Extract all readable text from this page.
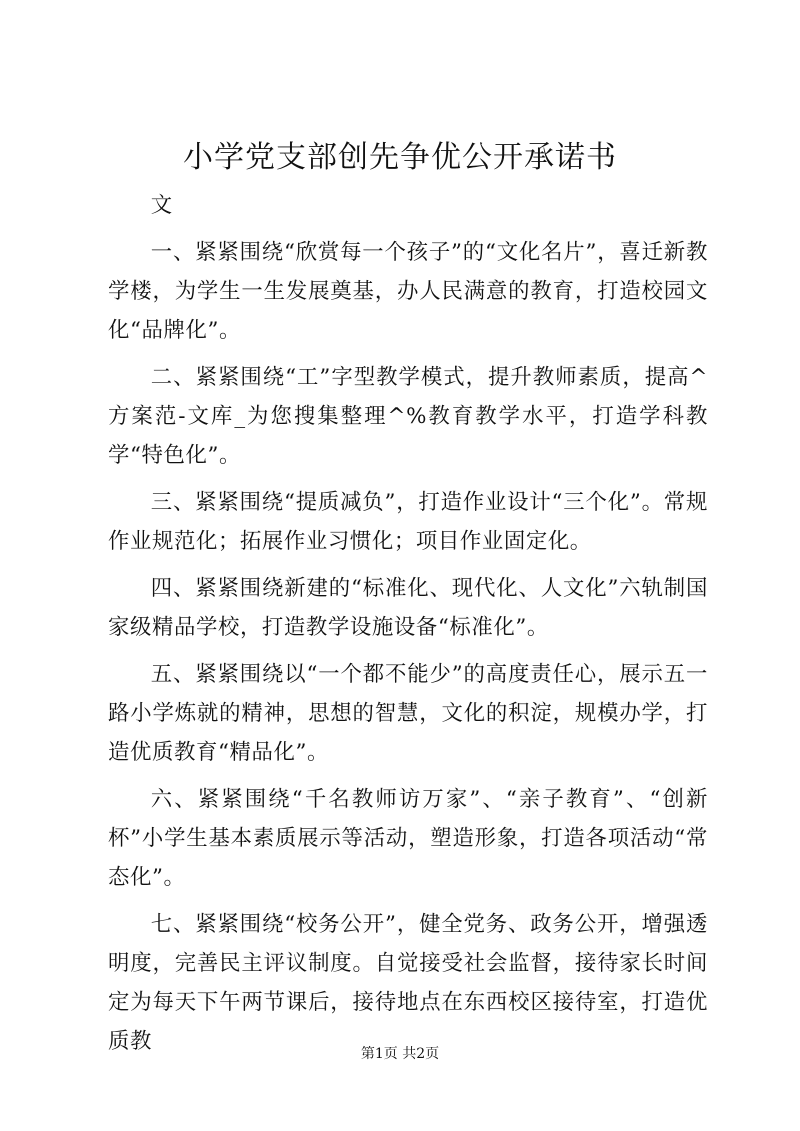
小学党支部创先争优公开承诺书

文

一、紧紧围绕“欣赏每一个孩子”的“文化名片”，喜迁新教学楼，为学生一生发展奠基，办人民满意的教育，打造校园文化“品牌化”。

二、紧紧围绕“工”字型教学模式，提升教师素质，提高^方案范-文库_为您搜集整理^%教育教学水平，打造学科教学“特色化”。

三、紧紧围绕“提质减负”，打造作业设计“三个化”。常规作业规范化；拓展作业习惯化；项目作业固定化。

四、紧紧围绕新建的“标准化、现代化、人文化”六轨制国家级精品学校，打造教学设施设备“标准化”。

五、紧紧围绕以“一个都不能少”的高度责任心，展示五一路小学炼就的精神，思想的智慧，文化的积淀，规模办学，打造优质教育“精品化”。

六、紧紧围绕“千名教师访万家”、“亲子教育”、“创新杯”小学生基本素质展示等活动，塑造形象，打造各项活动“常态化”。

七、紧紧围绕“校务公开”，健全党务、政务公开，增强透明度，完善民主评议制度。自觉接受社会监督，接待家长时间定为每天下午两节课后，接待地点在东西校区接待室，打造优质教	第1页 共2页
